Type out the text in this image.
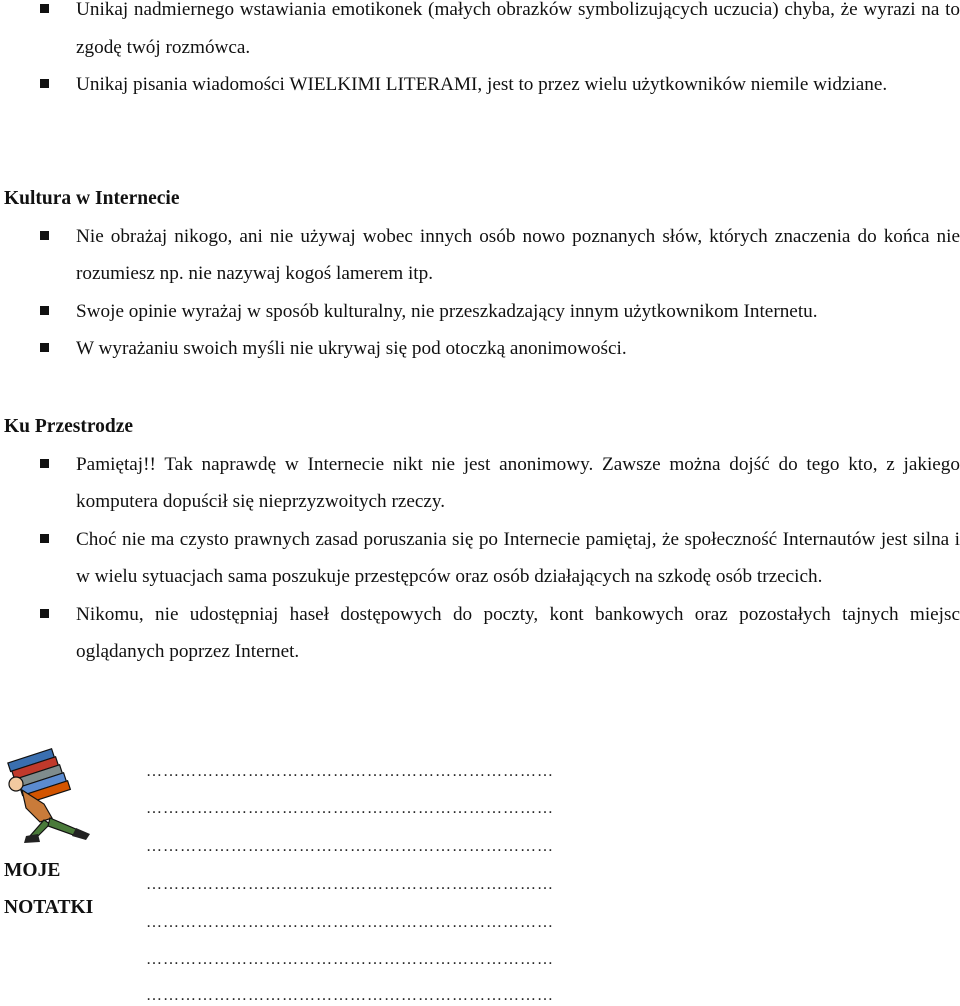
Unikaj nadmiernego wstawiania emotikonek (małych obrazków symbolizujących uczucia) chyba, że wyrazi na to zgodę twój rozmówca.
Unikaj pisania wiadomości WIELKIMI LITERAMI, jest to przez wielu użytkowników niemile widziane.
Kultura w Internecie
Nie obrażaj nikogo, ani nie używaj wobec innych osób nowo poznanych słów, których znaczenia do końca nie rozumiesz np. nie nazywaj kogoś lamerem itp.
Swoje opinie wyrażaj w sposób kulturalny, nie przeszkadzający innym użytkownikom Internetu.
W wyrażaniu swoich myśli nie ukrywaj się pod otoczką anonimowości.
Ku Przestrodze
Pamiętaj!! Tak naprawdę w Internecie nikt nie jest anonimowy. Zawsze można dojść do tego kto, z jakiego komputera dopuścił się nieprzyzwoitych rzeczy.
Choć nie ma czysto prawnych zasad poruszania się po Internecie pamiętaj, że społeczność Internautów jest silna i w wielu sytuacjach sama poszukuje przestępców oraz osób działających na szkodę osób trzecich.
Nikomu, nie udostępniaj haseł dostępowych do poczty, kont bankowych oraz pozostałych tajnych miejsc oglądanych poprzez Internet.
MOJE
NOTATKI
………………………………………………………………
………………………………………………………………
………………………………………………………………
………………………………………………………………
………………………………………………………………
………………………………………………………………
………………………………………………………………
